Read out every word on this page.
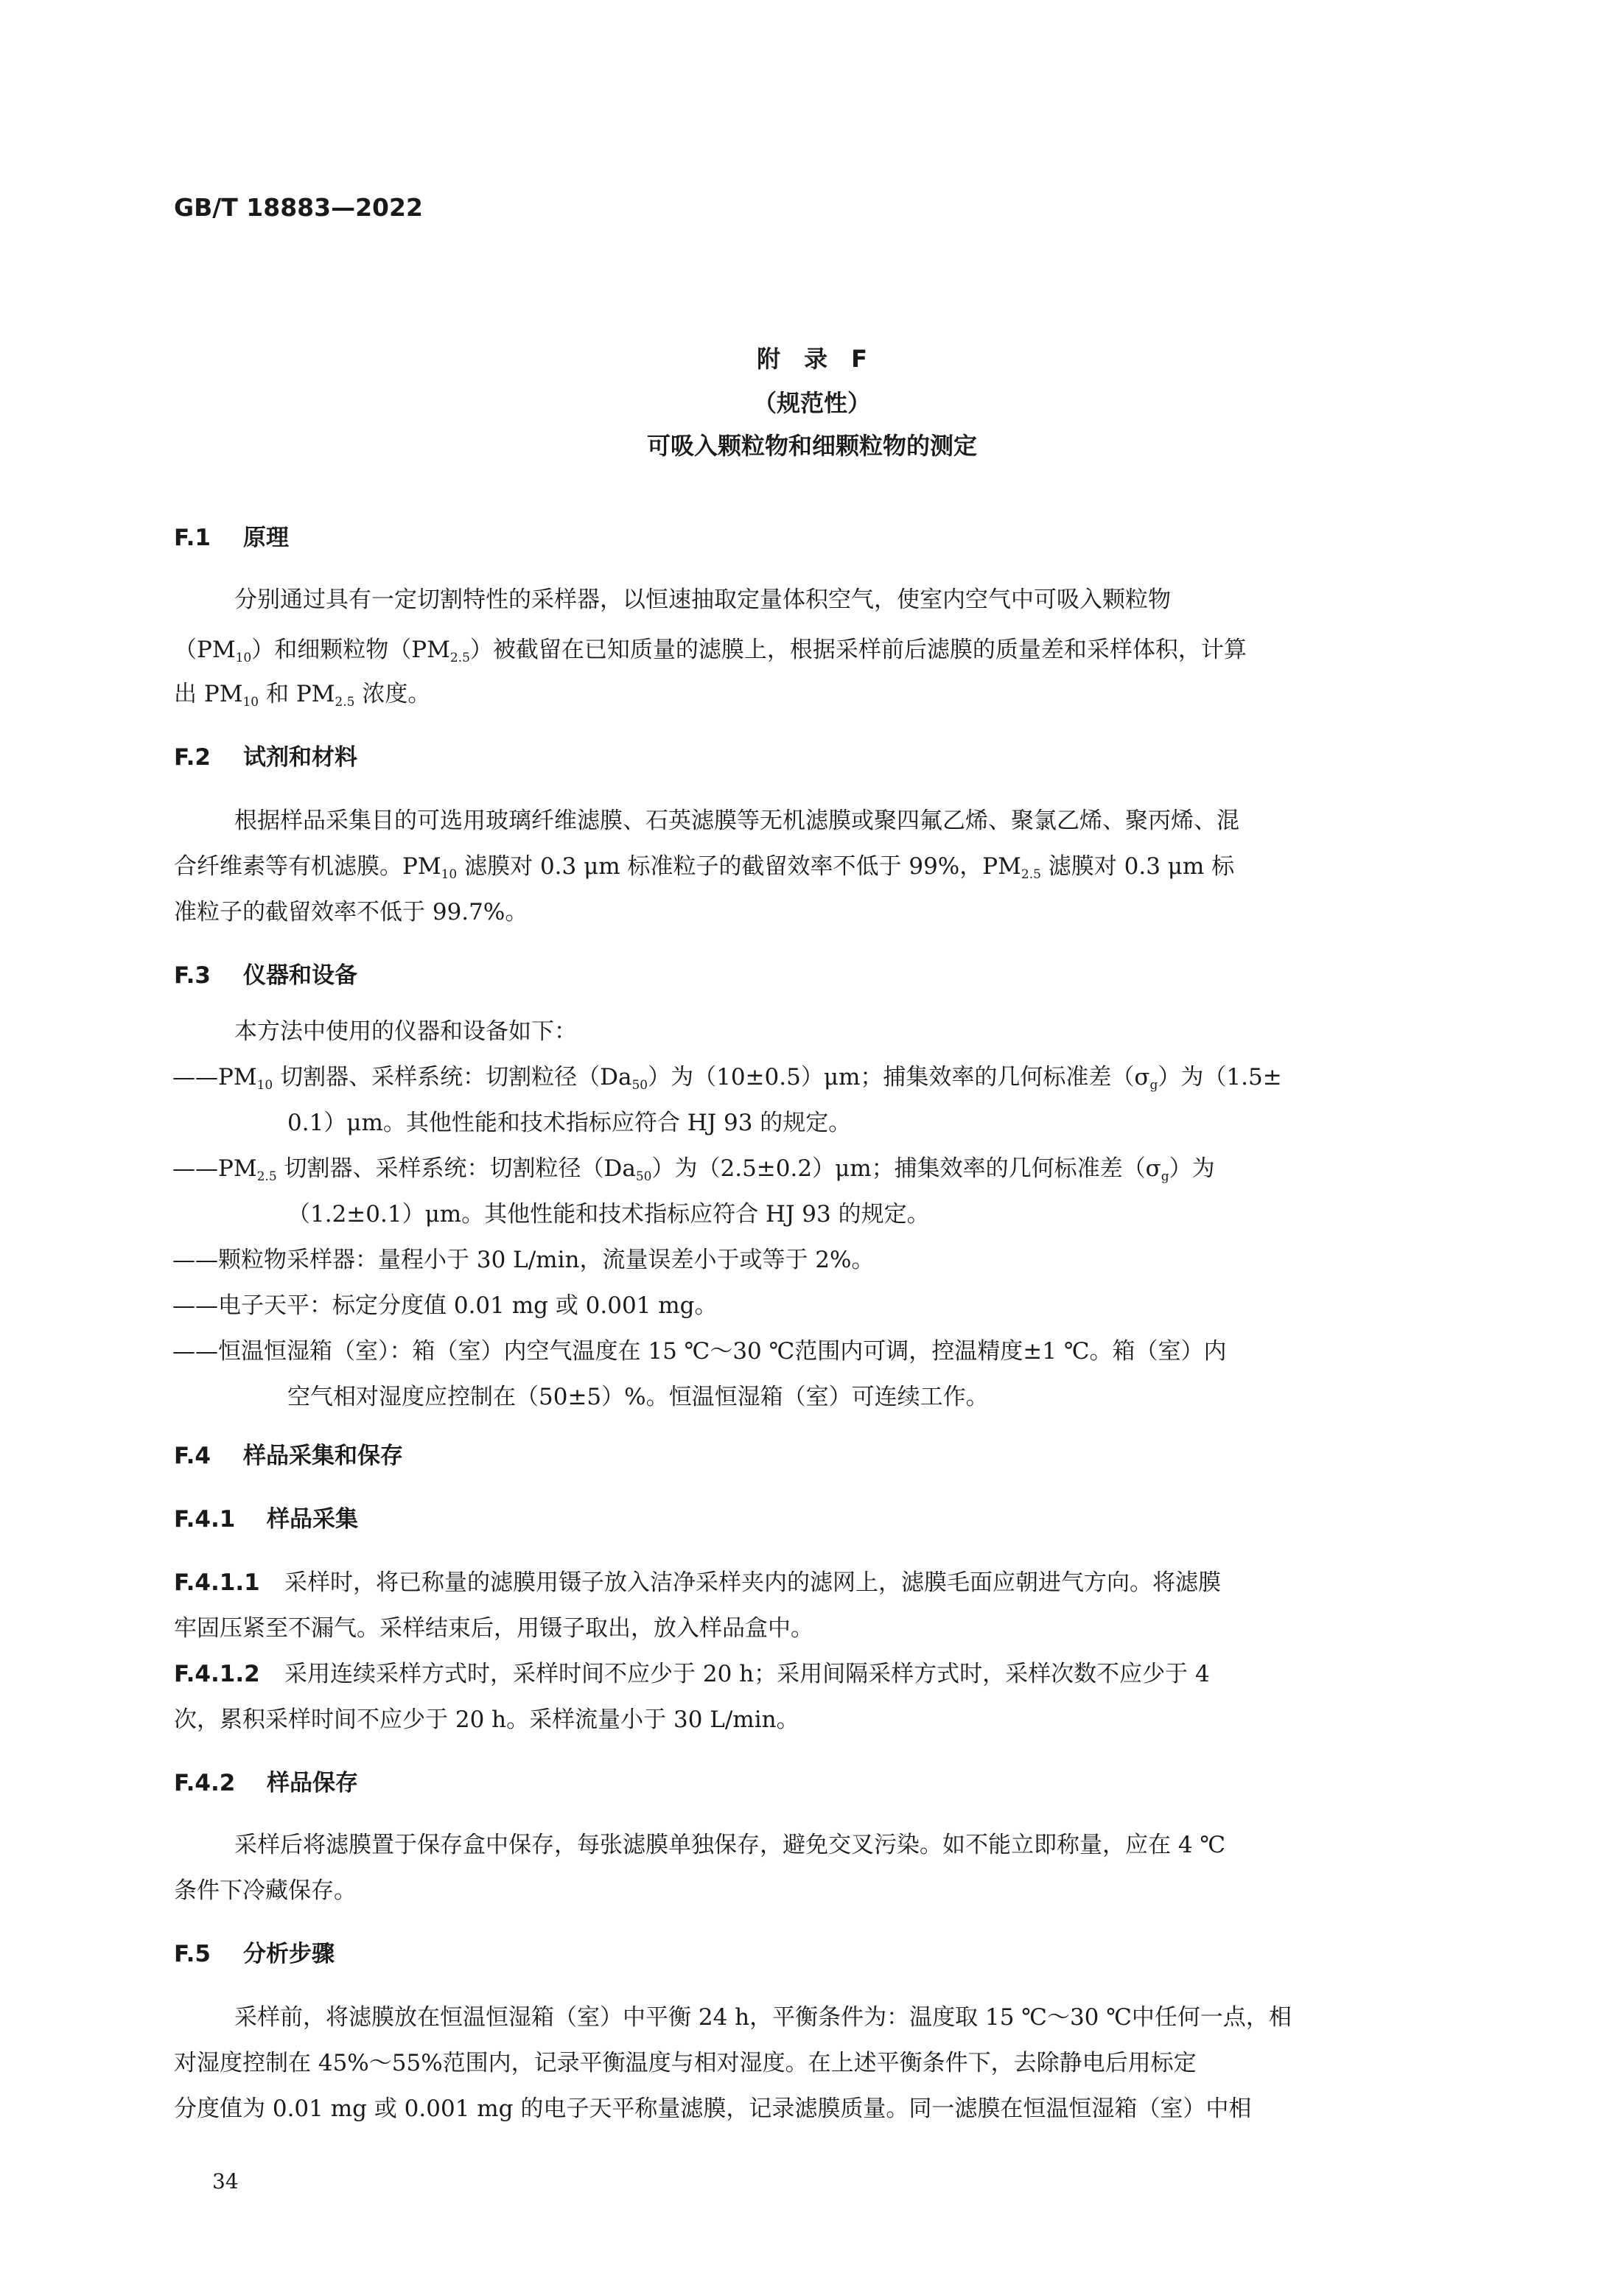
GB/T 18883—2022
附　录　F
（规范性）
可吸入颗粒物和细颗粒物的测定
F.1 原理
分别通过具有一定切割特性的采样器，以恒速抽取定量体积空气，使室内空气中可吸入颗粒物
$(PM_{10})$和细颗粒物$(PM_{2.5})$被截留在已知质量的滤膜上，根据采样前后滤膜的质量差和采样体积，计算
出 $PM_{10}$ 和 $PM_{2.5}$ 浓度。
F.2 试剂和材料
根据样品采集目的可选用玻璃纤维滤膜、石英滤膜等无机滤膜或聚四氟乙烯、聚氯乙烯、聚丙烯、混
合纤维素等有机滤膜。$PM_{10}$ 滤膜对 0.3 μm 标准粒子的截留效率不低于 99%，$PM_{2.5}$ 滤膜对 0.3 μm 标
准粒子的截留效率不低于 99.7%。
F.3 仪器和设备
本方法中使用的仪器和设备如下：
$——PM_{10}$ 切割器、采样系统：切割粒径$(Da_{50})$为（10±0.5）μm；捕集效率的几何标准差$(\sigma_g)$为（1.5±
0.1）μm。其他性能和技术指标应符合 HJ 93 的规定。
$——PM_{2.5}$ 切割器、采样系统：切割粒径$(Da_{50})$为（2.5±0.2）μm；捕集效率的几何标准差$(\sigma_g)$为
（1.2±0.1）μm。其他性能和技术指标应符合 HJ 93 的规定。
——颗粒物采样器：量程小于 30 L/min，流量误差小于或等于 2%。
——电子天平：标定分度值 0.01 mg 或 0.001 mg。
——恒温恒湿箱（室）：箱（室）内空气温度在 15 ℃～30 ℃范围内可调，控温精度±1 ℃。箱（室）内
空气相对湿度应控制在（50±5）%。恒温恒湿箱（室）可连续工作。
F.4 样品采集和保存
F.4.1 样品采集
F.4.1.1 采样时，将已称量的滤膜用镊子放入洁净采样夹内的滤网上，滤膜毛面应朝进气方向。将滤膜
牢固压紧至不漏气。采样结束后，用镊子取出，放入样品盒中。
F.4.1.2 采用连续采样方式时，采样时间不应少于 20 h；采用间隔采样方式时，采样次数不应少于 4
次，累积采样时间不应少于 20 h。采样流量小于 30 L/min。
F.4.2 样品保存
采样后将滤膜置于保存盒中保存，每张滤膜单独保存，避免交叉污染。如不能立即称量，应在 4 ℃
条件下冷藏保存。
F.5 分析步骤
采样前，将滤膜放在恒温恒湿箱（室）中平衡 24 h，平衡条件为：温度取 15 ℃～30 ℃中任何一点，相
对湿度控制在 45%～55%范围内，记录平衡温度与相对湿度。在上述平衡条件下，去除静电后用标定
分度值为 0.01 mg 或 0.001 mg 的电子天平称量滤膜，记录滤膜质量。同一滤膜在恒温恒湿箱（室）中相
34
